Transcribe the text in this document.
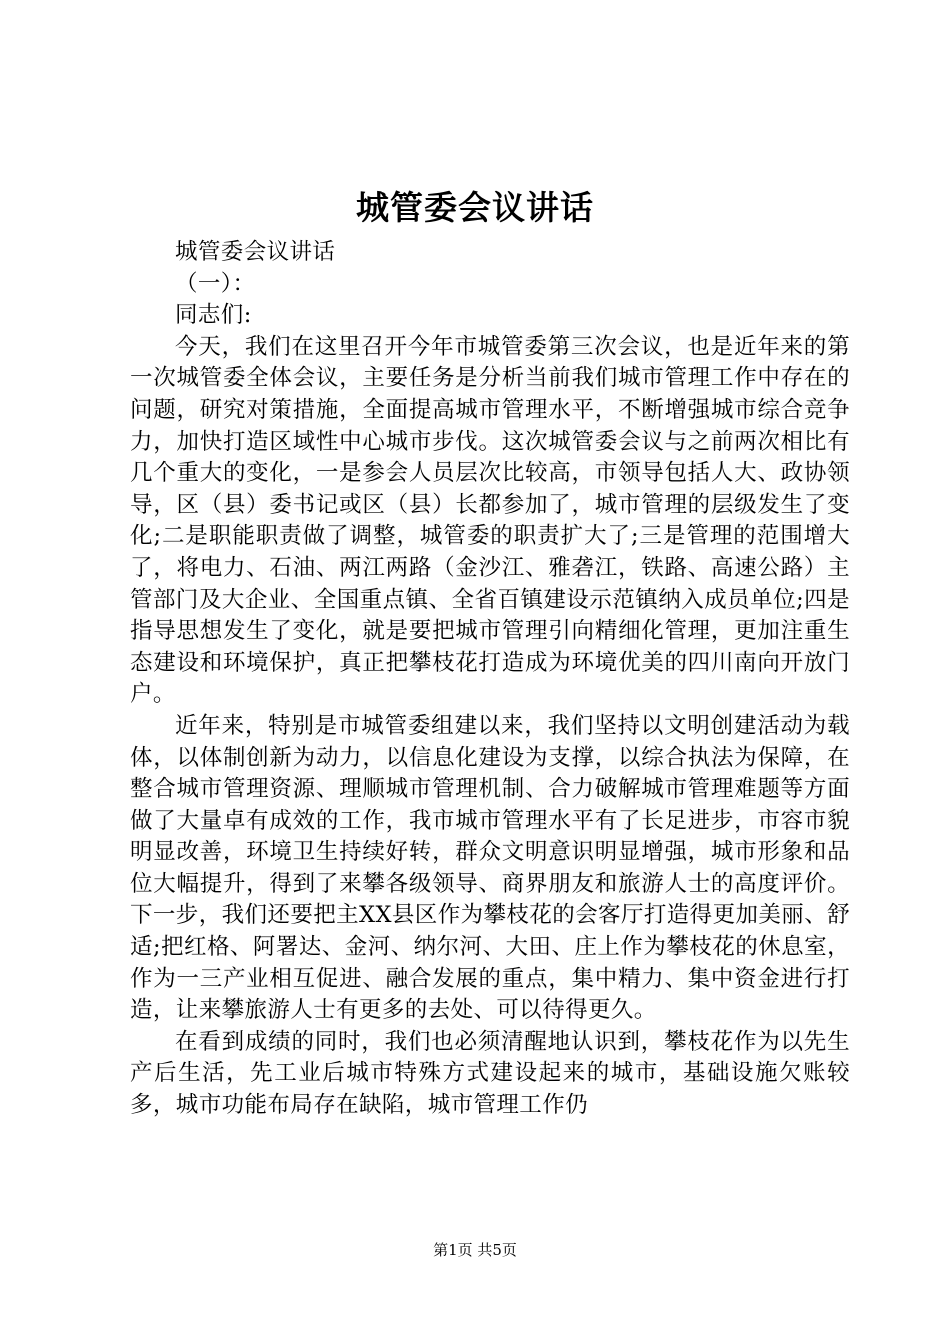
城管委会议讲话

城管委会议讲话

（一）：

同志们:

今天，我们在这里召开今年市城管委第三次会议，也是近年来的第一次城管委全体会议，主要任务是分析当前我们城市管理工作中存在的问题，研究对策措施，全面提高城市管理水平，不断增强城市综合竞争力，加快打造区域性中心城市步伐。这次城管委会议与之前两次相比有几个重大的变化，一是参会人员层次比较高，市领导包括人大、政协领导，区（县）委书记或区（县）长都参加了，城市管理的层级发生了变化;二是职能职责做了调整，城管委的职责扩大了;三是管理的范围增大了，将电力、石油、两江两路（金沙江、雅砻江，铁路、高速公路）主管部门及大企业、全国重点镇、全省百镇建设示范镇纳入成员单位;四是指导思想发生了变化，就是要把城市管理引向精细化管理，更加注重生态建设和环境保护，真正把攀枝花打造成为环境优美的四川南向开放门户。

近年来，特别是市城管委组建以来，我们坚持以文明创建活动为载体，以体制创新为动力，以信息化建设为支撑，以综合执法为保障，在整合城市管理资源、理顺城市管理机制、合力破解城市管理难题等方面做了大量卓有成效的工作，我市城市管理水平有了长足进步，市容市貌明显改善，环境卫生持续好转，群众文明意识明显增强，城市形象和品位大幅提升，得到了来攀各级领导、商界朋友和旅游人士的高度评价。下一步，我们还要把主XX县区作为攀枝花的会客厅打造得更加美丽、舒适;把红格、阿署达、金河、纳尔河、大田、庄上作为攀枝花的休息室，作为一三产业相互促进、融合发展的重点，集中精力、集中资金进行打造，让来攀旅游人士有更多的去处、可以待得更久。

在看到成绩的同时，我们也必须清醒地认识到，攀枝花作为以先生产后生活，先工业后城市特殊方式建设起来的城市，基础设施欠账较多，城市功能布局存在缺陷，城市管理工作仍

第1页 共5页
